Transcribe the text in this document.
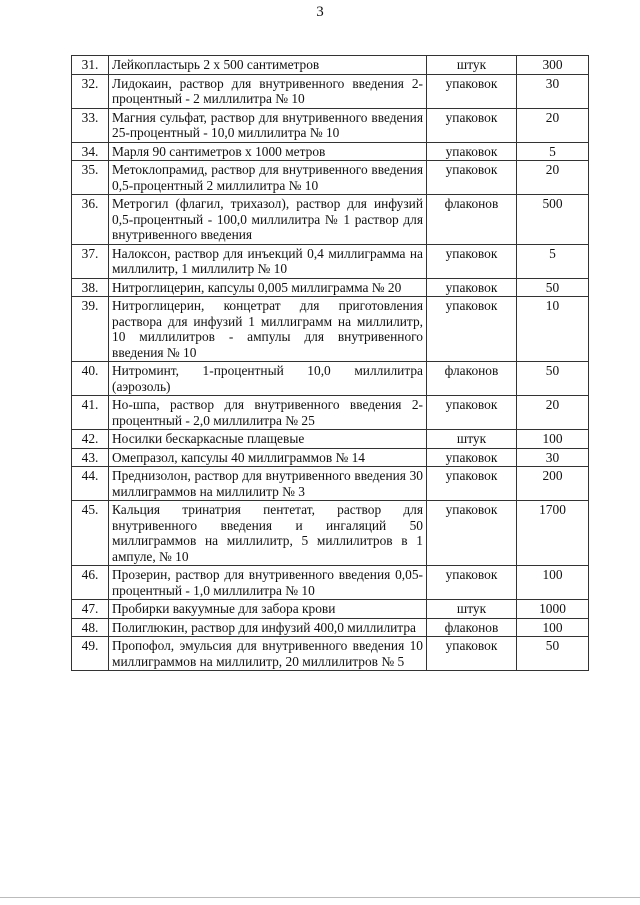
3
31.	Лейкопластырь 2 х 500 сантиметров	штук	300
32.	Лидокаин, раствор для внутривенного введения 2-процентный - 2 миллилитра № 10	упаковок	30
33.	Магния сульфат, раствор для внутривенного введения 25-процентный - 10,0 миллилитра № 10	упаковок	20
34.	Марля 90 сантиметров х 1000 метров	упаковок	5
35.	Метоклопрамид, раствор для внутривенного введения 0,5-процентный 2 миллилитра № 10	упаковок	20
36.	Метрогил (флагил, трихазол), раствор для инфузий 0,5-процентный - 100,0 миллилитра № 1 раствор для внутривенного введения	флаконов	500
37.	Налоксон, раствор для инъекций 0,4 миллиграмма на миллилитр, 1 миллилитр № 10	упаковок	5
38.	Нитроглицерин, капсулы 0,005 миллиграмма № 20	упаковок	50
39.	Нитроглицерин, концетрат для приготовления раствора для инфузий 1 миллиграмм на миллилитр, 10 миллилитров - ампулы для внутривенного введения № 10	упаковок	10
40.	Нитроминт, 1-процентный 10,0 миллилитра (аэрозоль)	флаконов	50
41.	Но-шпа, раствор для внутривенного введения 2-процентный - 2,0 миллилитра № 25	упаковок	20
42.	Носилки бескаркасные плащевые	штук	100
43.	Омепразол, капсулы 40 миллиграммов № 14	упаковок	30
44.	Преднизолон, раствор для внутривенного введения 30 миллиграммов на миллилитр № 3	упаковок	200
45.	Кальция тринатрия пентетат, раствор для внутривенного введения и ингаляций 50 миллиграммов на миллилитр, 5 миллилитров в 1 ампуле, № 10	упаковок	1700
46.	Прозерин, раствор для внутривенного введения 0,05-процентный - 1,0 миллилитра № 10	упаковок	100
47.	Пробирки вакуумные для забора крови	штук	1000
48.	Полиглюкин, раствор для инфузий 400,0 миллилитра	флаконов	100
49.	Пропофол, эмульсия для внутривенного введения 10 миллиграммов на миллилитр, 20 миллилитров № 5	упаковок	50
